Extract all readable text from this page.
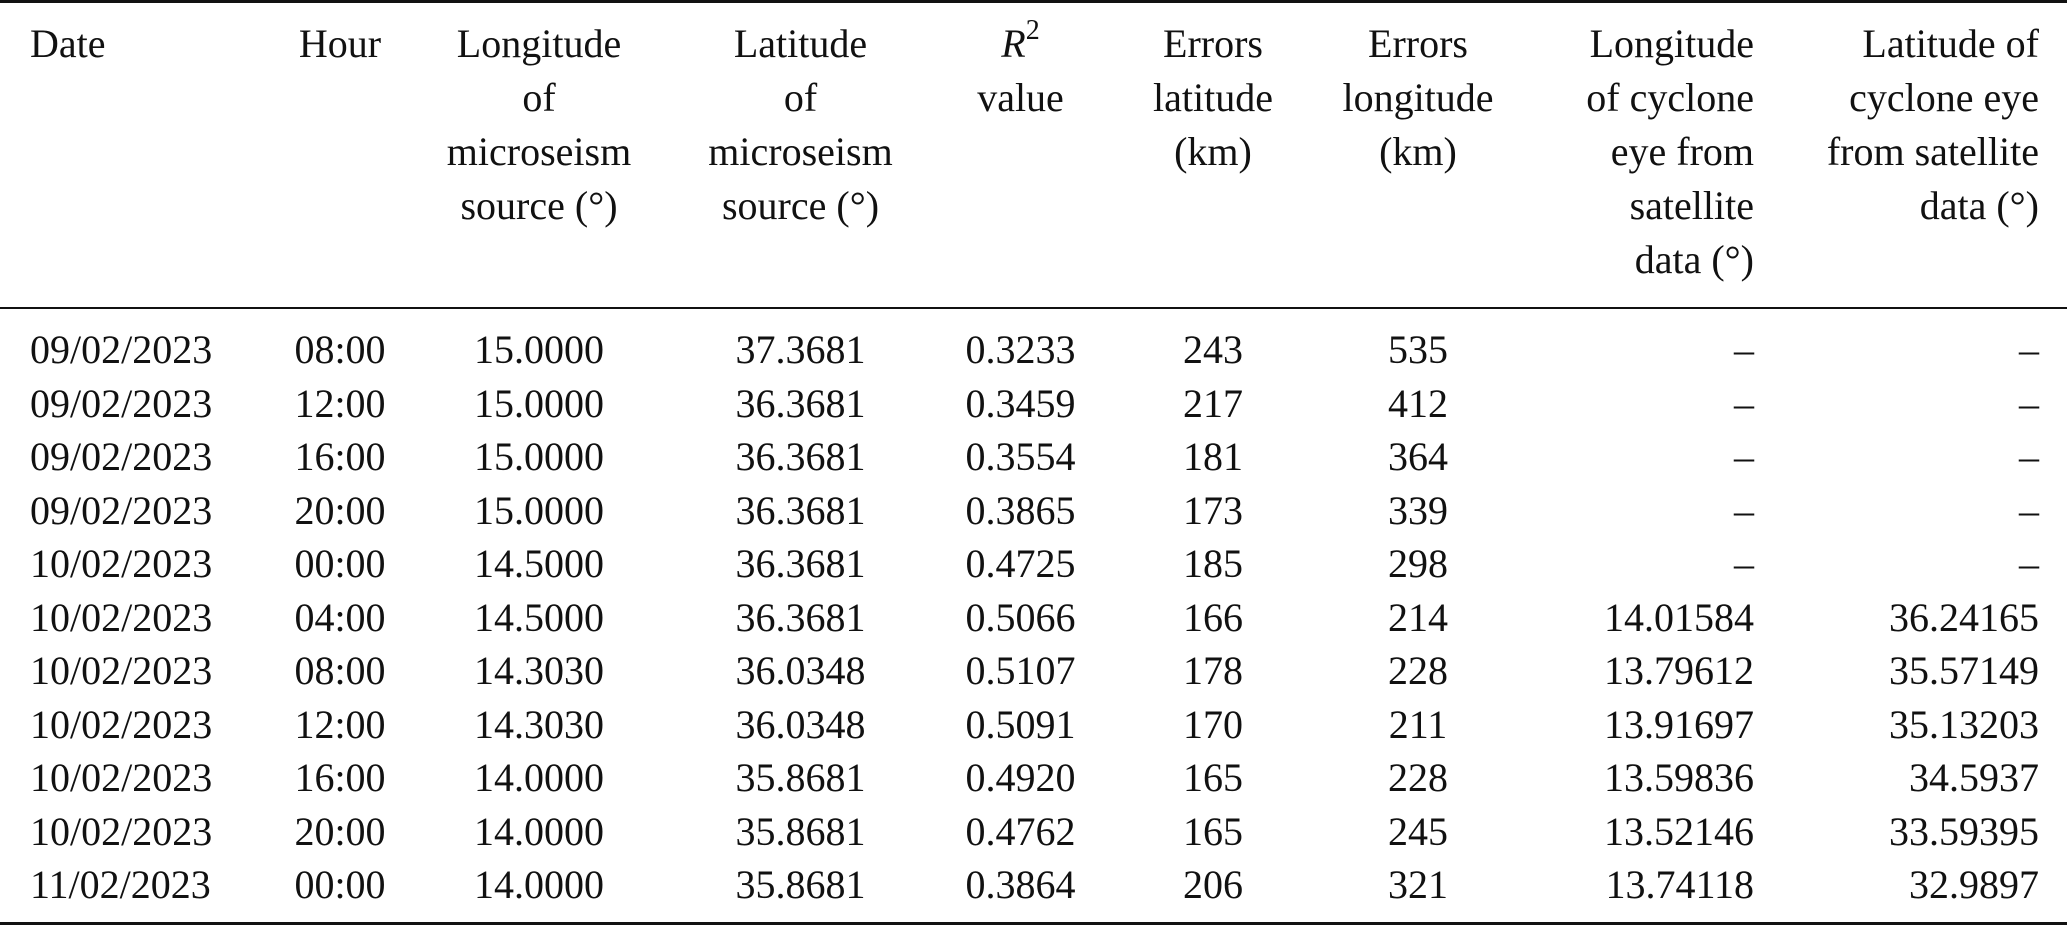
Date	Hour	Longitude
of
microseism
source (°)	Latitude
of
microseism
source (°)	$R^2$
value	Errors
latitude
(km)	Errors
longitude
(km)	Longitude
of cyclone
eye from
satellite
data (°)	Latitude of
cyclone eye
from satellite
data (°)

09/02/2023	08:00	15.0000	37.3681	0.3233	243	535	–	–
09/02/2023	12:00	15.0000	36.3681	0.3459	217	412	–	–
09/02/2023	16:00	15.0000	36.3681	0.3554	181	364	–	–
09/02/2023	20:00	15.0000	36.3681	0.3865	173	339	–	–
10/02/2023	00:00	14.5000	36.3681	0.4725	185	298	–	–
10/02/2023	04:00	14.5000	36.3681	0.5066	166	214	14.01584	36.24165
10/02/2023	08:00	14.3030	36.0348	0.5107	178	228	13.79612	35.57149
10/02/2023	12:00	14.3030	36.0348	0.5091	170	211	13.91697	35.13203
10/02/2023	16:00	14.0000	35.8681	0.4920	165	228	13.59836	34.5937
10/02/2023	20:00	14.0000	35.8681	0.4762	165	245	13.52146	33.59395
11/02/2023	00:00	14.0000	35.8681	0.3864	206	321	13.74118	32.9897
